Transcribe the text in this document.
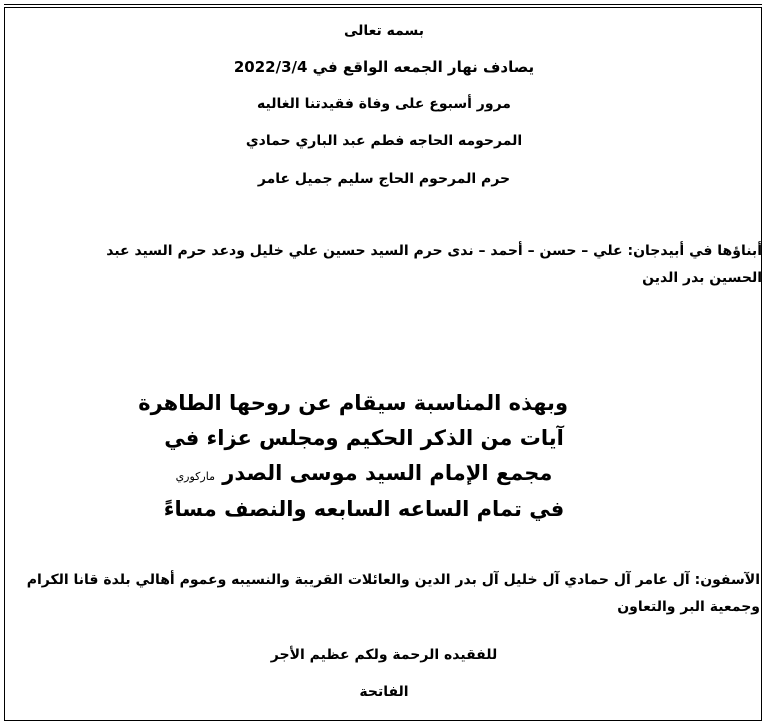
بسمه تعالى
يصادف نهار الجمعه الواقع في 2022/3/4
مرور أسبوع على وفاة فقيدتنا الغاليه
المرحومه الحاجه فطم عبد الباري حمادي
حرم المرحوم الحاج سليم جميل عامر
أبناؤها في أبيدجان: علي – حسن – أحمد – ندى حرم السيد حسين علي خليل ودعد حرم السيد عبد
الحسين بدر الدين
وبهذه المناسبة سيقام عن روحها الطاهرة
آيات من الذكر الحكيم ومجلس عزاء في
مجمع الإمام السيد موسى الصدر ماركوري
في تمام الساعه السابعه والنصف مساءً
الآسفون: آل عامر آل حمادي آل خليل آل بدر الدين والعائلات القريبة والنسيبه وعموم أهالي بلدة قانا الكرام
وجمعية البر والتعاون
للفقيده الرحمة ولكم عظيم الأجر
الفاتحة
